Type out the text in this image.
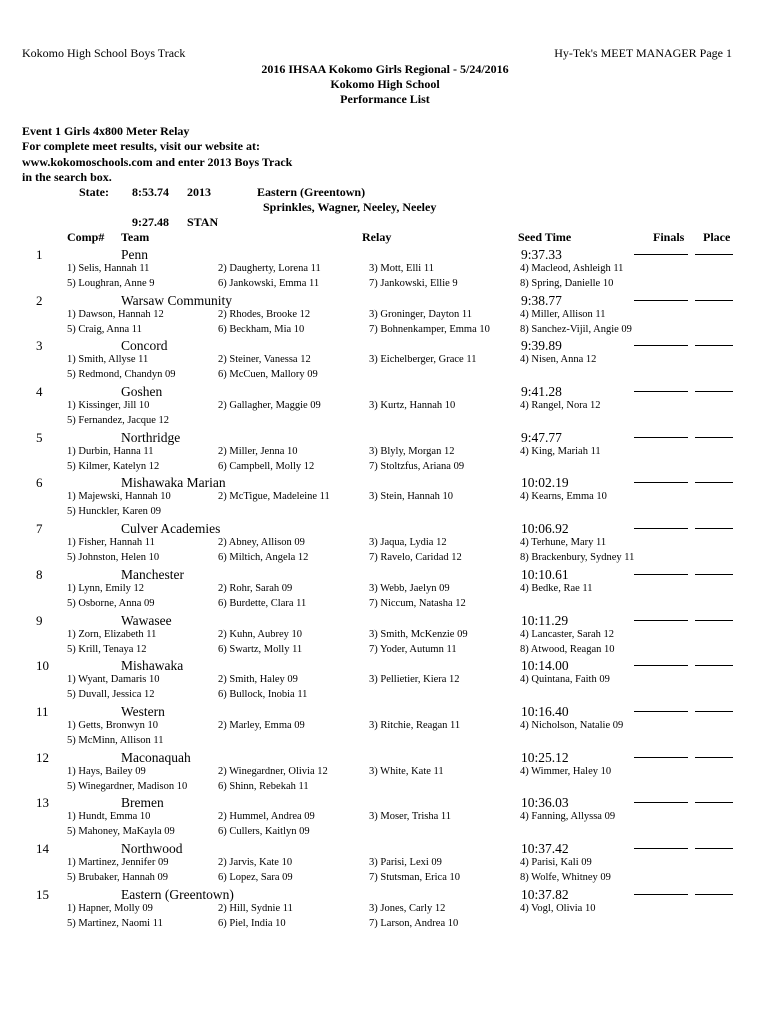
Kokomo High School Boys Track	Hy-Tek's MEET MANAGER Page 1
2016 IHSAA Kokomo Girls Regional - 5/24/2016
Kokomo High School
Performance List
Event 1 Girls 4x800 Meter Relay
For complete meet results, visit our website at:
www.kokomoschools.com and enter 2013 Boys Track
in the search box.
State: 8:53.74 2013	Eastern (Greentown)
Sprinkles, Wagner, Neeley, Neeley
9:27.48 STAN
Comp# Team	Relay	Seed Time	Finals Place
1	Penn	9:37.33
1) Selis, Hannah 11	2) Daugherty, Lorena 11	3) Mott, Elli 11	4) Macleod, Ashleigh 11
5) Loughran, Anne 9	6) Jankowski, Emma 11	7) Jankowski, Ellie 9	8) Spring, Danielle 10
2	Warsaw Community	9:38.77
1) Dawson, Hannah 12	2) Rhodes, Brooke 12	3) Groninger, Dayton 11	4) Miller, Allison 11
5) Craig, Anna 11	6) Beckham, Mia 10	7) Bohnenkamper, Emma 10	8) Sanchez-Vijil, Angie 09
3	Concord	9:39.89
1) Smith, Allyse 11	2) Steiner, Vanessa 12	3) Eichelberger, Grace 11	4) Nisen, Anna 12
5) Redmond, Chandyn 09	6) McCuen, Mallory 09
4	Goshen	9:41.28
1) Kissinger, Jill 10	2) Gallagher, Maggie 09	3) Kurtz, Hannah 10	4) Rangel, Nora 12
5) Fernandez, Jacque 12
5	Northridge	9:47.77
1) Durbin, Hanna 11	2) Miller, Jenna 10	3) Blyly, Morgan 12	4) King, Mariah 11
5) Kilmer, Katelyn 12	6) Campbell, Molly 12	7) Stoltzfus, Ariana 09
6	Mishawaka Marian	10:02.19
1) Majewski, Hannah 10	2) McTigue, Madeleine 11	3) Stein, Hannah 10	4) Kearns, Emma 10
5) Hunckler, Karen 09
7	Culver Academies	10:06.92
1) Fisher, Hannah 11	2) Abney, Allison 09	3) Jaqua, Lydia 12	4) Terhune, Mary 11
5) Johnston, Helen 10	6) Miltich, Angela 12	7) Ravelo, Caridad 12	8) Brackenbury, Sydney 11
8	Manchester	10:10.61
1) Lynn, Emily 12	2) Rohr, Sarah 09	3) Webb, Jaelyn 09	4) Bedke, Rae 11
5) Osborne, Anna 09	6) Burdette, Clara 11	7) Niccum, Natasha 12
9	Wawasee	10:11.29
1) Zorn, Elizabeth 11	2) Kuhn, Aubrey 10	3) Smith, McKenzie 09	4) Lancaster, Sarah 12
5) Krill, Tenaya 12	6) Swartz, Molly 11	7) Yoder, Autumn 11	8) Atwood, Reagan 10
10	Mishawaka	10:14.00
1) Wyant, Damaris 10	2) Smith, Haley 09	3) Pellietier, Kiera 12	4) Quintana, Faith 09
5) Duvall, Jessica 12	6) Bullock, Inobia 11
11	Western	10:16.40
1) Getts, Bronwyn 10	2) Marley, Emma 09	3) Ritchie, Reagan 11	4) Nicholson, Natalie 09
5) McMinn, Allison 11
12	Maconaquah	10:25.12
1) Hays, Bailey 09	2) Winegardner, Olivia 12	3) White, Kate 11	4) Wimmer, Haley 10
5) Winegardner, Madison 10	6) Shinn, Rebekah 11
13	Bremen	10:36.03
1) Hundt, Emma 10	2) Hummel, Andrea 09	3) Moser, Trisha 11	4) Fanning, Allyssa 09
5) Mahoney, MaKayla 09	6) Cullers, Kaitlyn 09
14	Northwood	10:37.42
1) Martinez, Jennifer 09	2) Jarvis, Kate 10	3) Parisi, Lexi 09	4) Parisi, Kali 09
5) Brubaker, Hannah 09	6) Lopez, Sara 09	7) Stutsman, Erica 10	8) Wolfe, Whitney 09
15	Eastern (Greentown)	10:37.82
1) Hapner, Molly 09	2) Hill, Sydnie 11	3) Jones, Carly 12	4) Vogl, Olivia 10
5) Martinez, Naomi 11	6) Piel, India 10	7) Larson, Andrea 10
